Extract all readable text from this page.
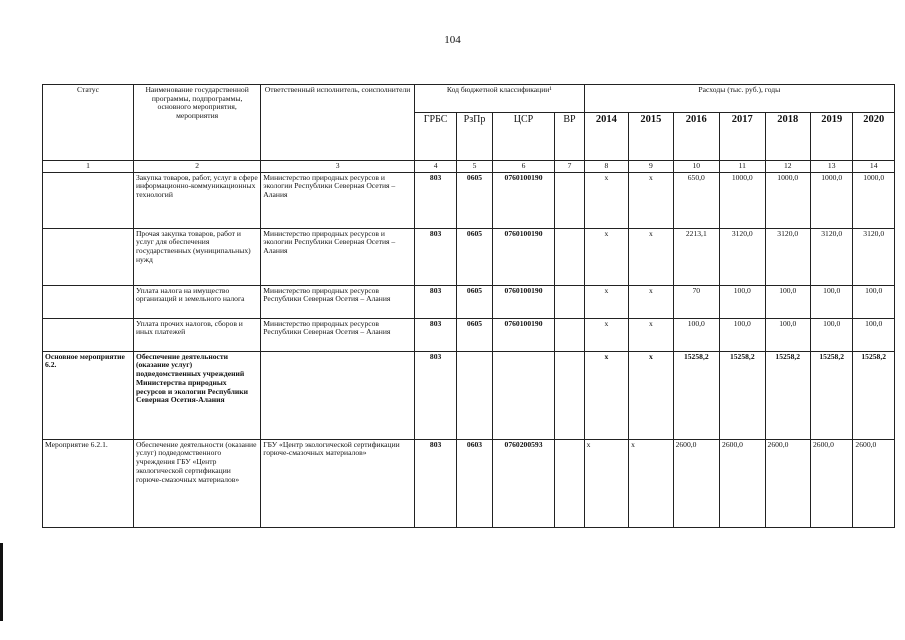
104
Статус	Наименование государственной программы, подпрограммы, основного мероприятия, мероприятия	Ответственный исполнитель, соисполнители	Код бюджетной классификации¹				Расходы (тыс. руб.), годы						
			ГРБС	РзПр	ЦСР	ВР	2014	2015	2016	2017	2018	2019	2020
1	2	3	4	5	6	7	8	9	10	11	12	13	14
	Закупка товаров, работ, услуг в сфере информационно-коммуникационных технологий	Министерство природных ресурсов и экологии Республики Северная Осетия – Алания	803	0605	0760100190		х	х	650,0	1000,0	1000,0	1000,0	1000,0
	Прочая закупка товаров, работ и услуг для обеспечения государственных (муниципальных) нужд	Министерство природных ресурсов и экологии Республики Северная Осетия – Алания	803	0605	0760100190		х	х	2213,1	3120,0	3120,0	3120,0	3120,0
	Уплата налога на имущество организаций и земельного налога	Министерство природных ресурсов Республики Северная Осетия – Алания	803	0605	0760100190		х	х	70	100,0	100,0	100,0	100,0
	Уплата прочих налогов, сборов и иных платежей	Министерство природных ресурсов Республики Северная Осетия – Алания	803	0605	0760100190		х	х	100,0	100,0	100,0	100,0	100,0
Основное мероприятие 6.2.	Обеспечение деятельности (оказание услуг) подведомственных учреждений Министерства природных ресурсов и экологии Республики Северная Осетия-Алания		803				х	х	15258,2	15258,2	15258,2	15258,2	15258,2
Мероприятие 6.2.1.	Обеспечение деятельности (оказание услуг) подведомственного учреждения ГБУ «Центр экологической сертификации горюче-смазочных материалов»	ГБУ «Центр экологической сертификации горюче-смазочных материалов»	803	0603	0760200593		х	х	2600,0	2600,0	2600,0	2600,0	2600,0
